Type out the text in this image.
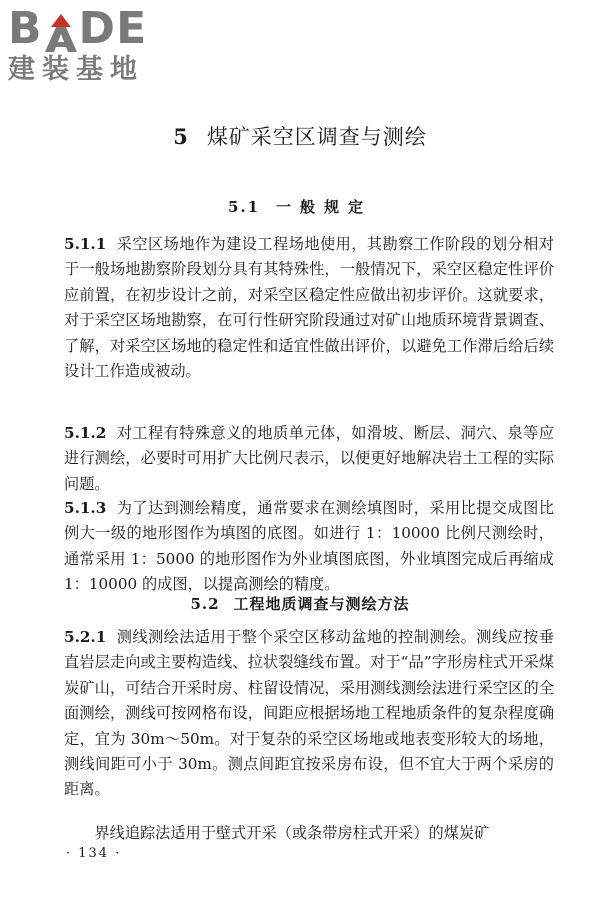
B DE
建装基地
5 煤矿采空区调查与测绘
5.1 一般规定

5.1.1 采空区场地作为建设工程场地使用，其勘察工作阶段的划分相对于一般场地勘察阶段划分具有其特殊性，一般情况下，采空区稳定性评价应前置，在初步设计之前，对采空区稳定性应做出初步评价。这就要求，对于采空区场地勘察，在可行性研究阶段通过对矿山地质环境背景调查、了解，对采空区场地的稳定性和适宜性做出评价，以避免工作滞后给后续设计工作造成被动。

5.1.2 对工程有特殊意义的地质单元体，如滑坡、断层、洞穴、泉等应进行测绘，必要时可用扩大比例尺表示，以便更好地解决岩土工程的实际问题。

5.1.3 为了达到测绘精度，通常要求在测绘填图时，采用比提交成图比例大一级的地形图作为填图的底图。如进行 1：10000 比例尺测绘时，通常采用 1：5000 的地形图作为外业填图底图，外业填图完成后再缩成 1：10000 的成图，以提高测绘的精度。

5.2 工程地质调查与测绘方法

5.2.1 测线测绘法适用于整个采空区移动盆地的控制测绘。测线应按垂直岩层走向或主要构造线、拉状裂缝线布置。对于“品”字形房柱式开采煤炭矿山，可结合开采时房、柱留设情况，采用测线测绘法进行采空区的全面测绘，测线可按网格布设，间距应根据场地工程地质条件的复杂程度确定，宜为 30m～50m。对于复杂的采空区场地或地表变形较大的场地，测线间距可小于 30m。测点间距宜按采房布设，但不宜大于两个采房的距离。

界线追踪法适用于壁式开采（或条带房柱式开采）的煤炭矿

· 134 ·
